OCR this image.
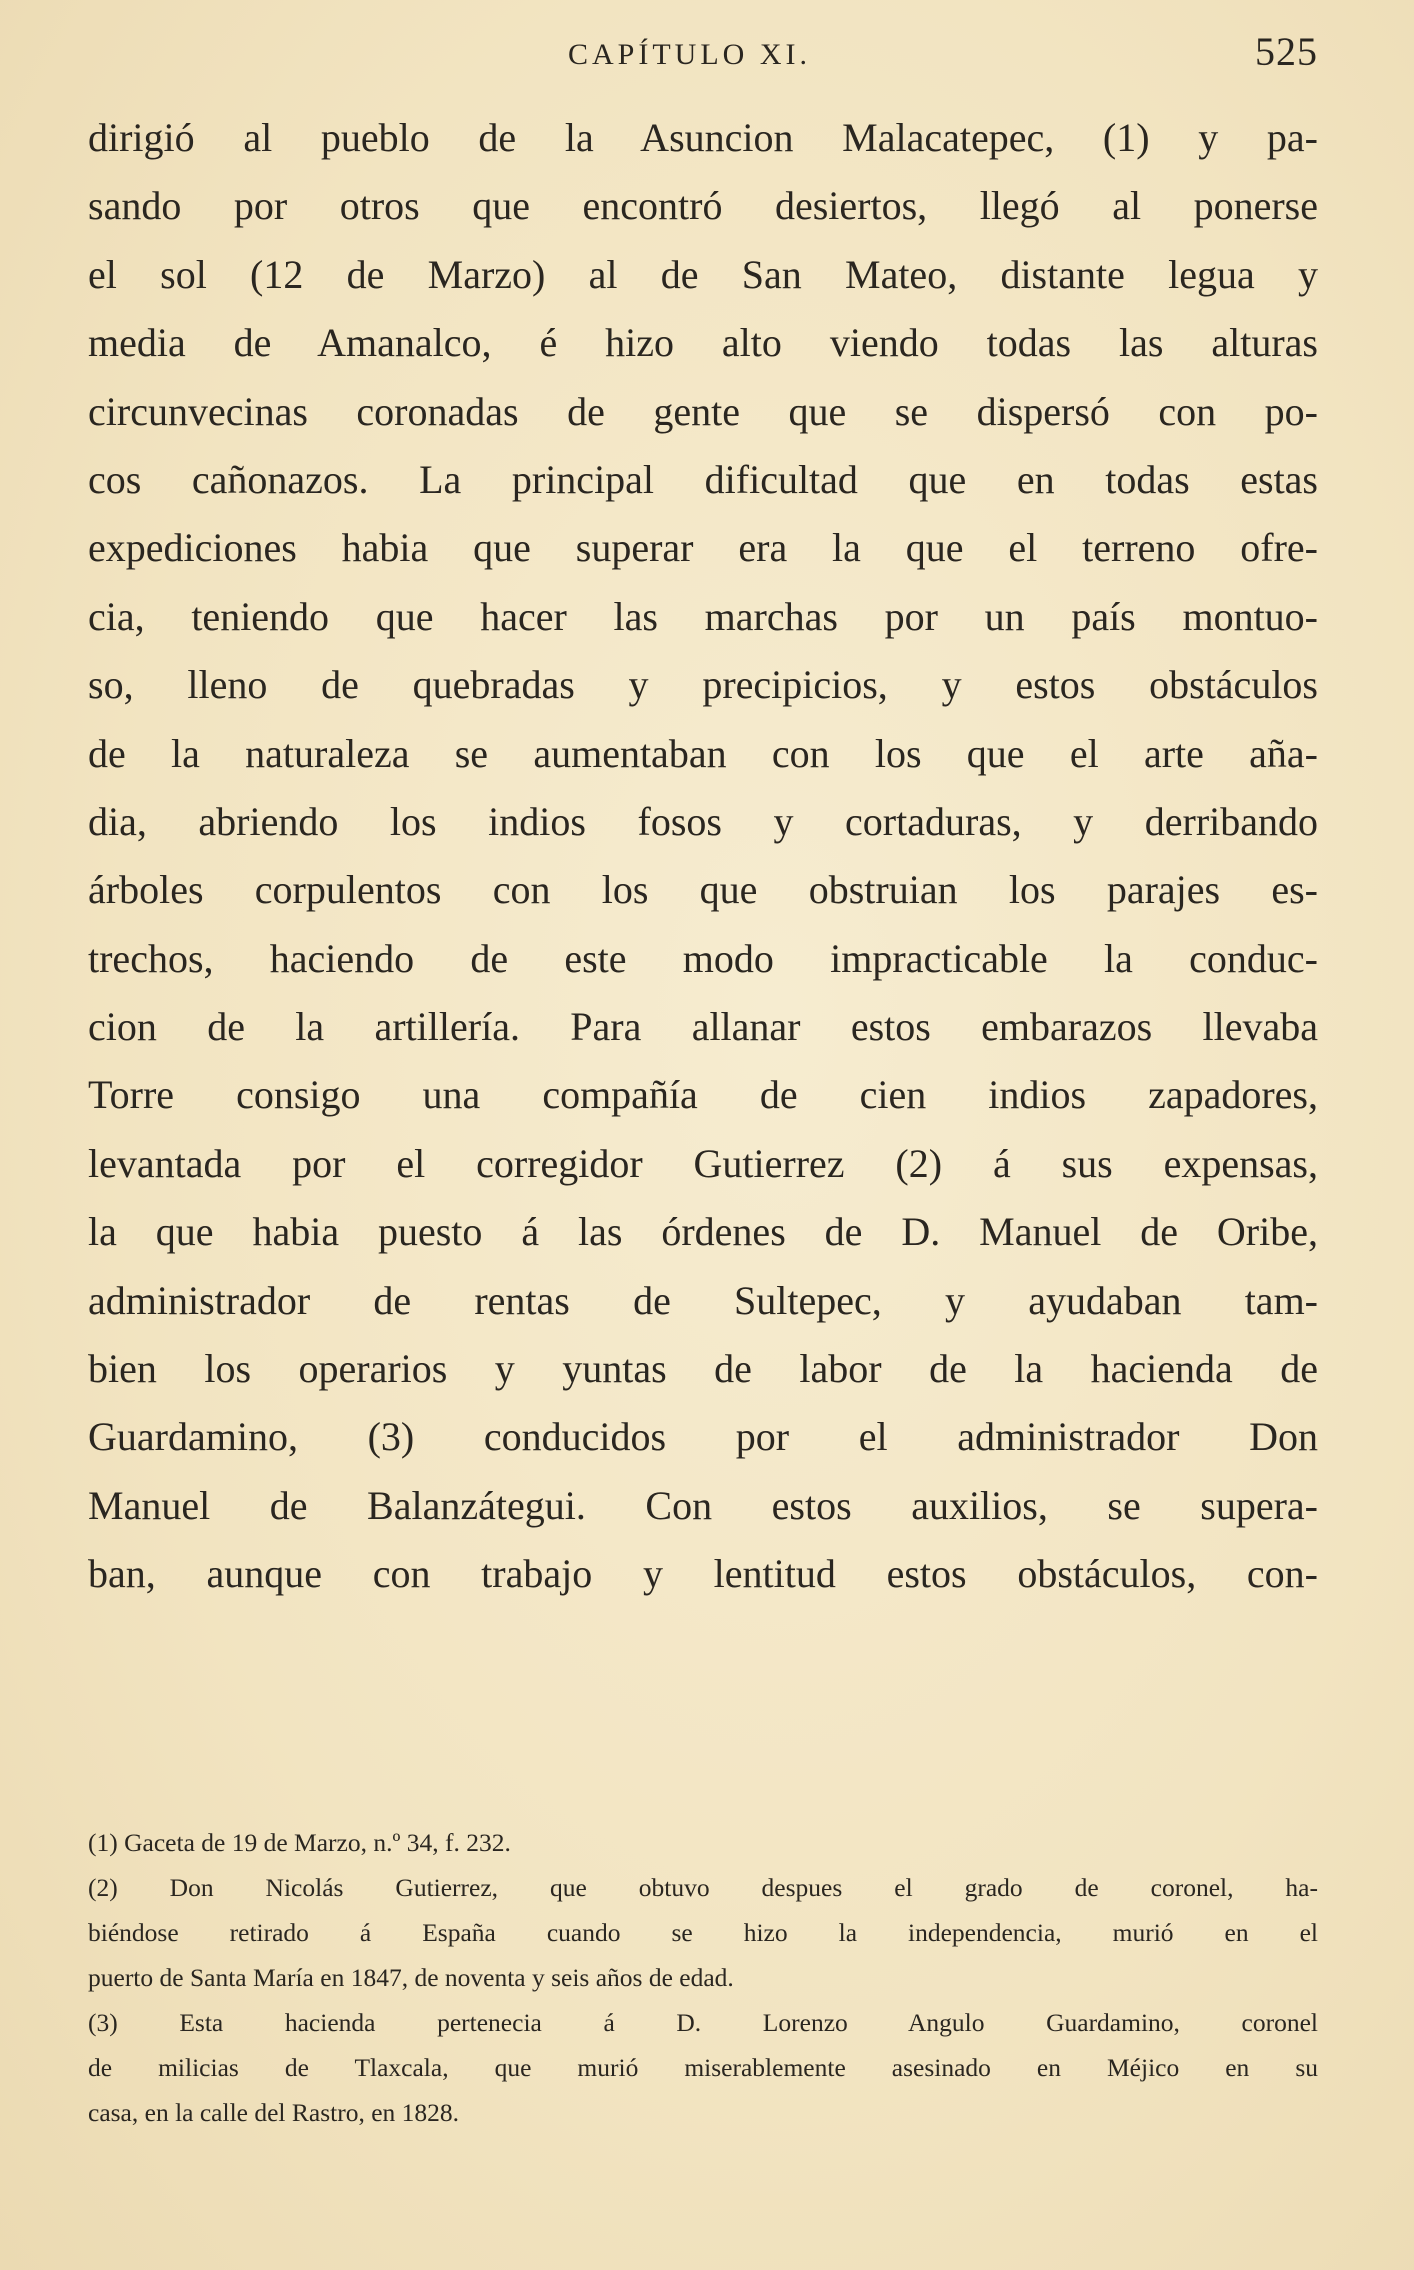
CAPÍTULO XI.	525
dirigió al pueblo de la Asuncion Malacatepec, (1) y pa-
sando por otros que encontró desiertos, llegó al ponerse
el sol (12 de Marzo) al de San Mateo, distante legua y
media de Amanalco, é hizo alto viendo todas las alturas
circunvecinas coronadas de gente que se dispersó con po-
cos cañonazos. La principal dificultad que en todas estas
expediciones habia que superar era la que el terreno ofre-
cia, teniendo que hacer las marchas por un país montuo-
so, lleno de quebradas y precipicios, y estos obstáculos
de la naturaleza se aumentaban con los que el arte aña-
dia, abriendo los indios fosos y cortaduras, y derribando
árboles corpulentos con los que obstruian los parajes es-
trechos, haciendo de este modo impracticable la conduc-
cion de la artillería. Para allanar estos embarazos llevaba
Torre consigo una compañía de cien indios zapadores,
levantada por el corregidor Gutierrez (2) á sus expensas,
la que habia puesto á las órdenes de D. Manuel de Oribe,
administrador de rentas de Sultepec, y ayudaban tam-
bien los operarios y yuntas de labor de la hacienda de
Guardamino, (3) conducidos por el administrador Don
Manuel de Balanzátegui. Con estos auxilios, se supera-
ban, aunque con trabajo y lentitud estos obstáculos, con-
(1) Gaceta de 19 de Marzo, n.º 34, f. 232.
(2) Don Nicolás Gutierrez, que obtuvo despues el grado de coronel, ha-
biéndose retirado á España cuando se hizo la independencia, murió en el
puerto de Santa María en 1847, de noventa y seis años de edad.
(3) Esta hacienda pertenecia á D. Lorenzo Angulo Guardamino, coronel
de milicias de Tlaxcala, que murió miserablemente asesinado en Méjico en su
casa, en la calle del Rastro, en 1828.
